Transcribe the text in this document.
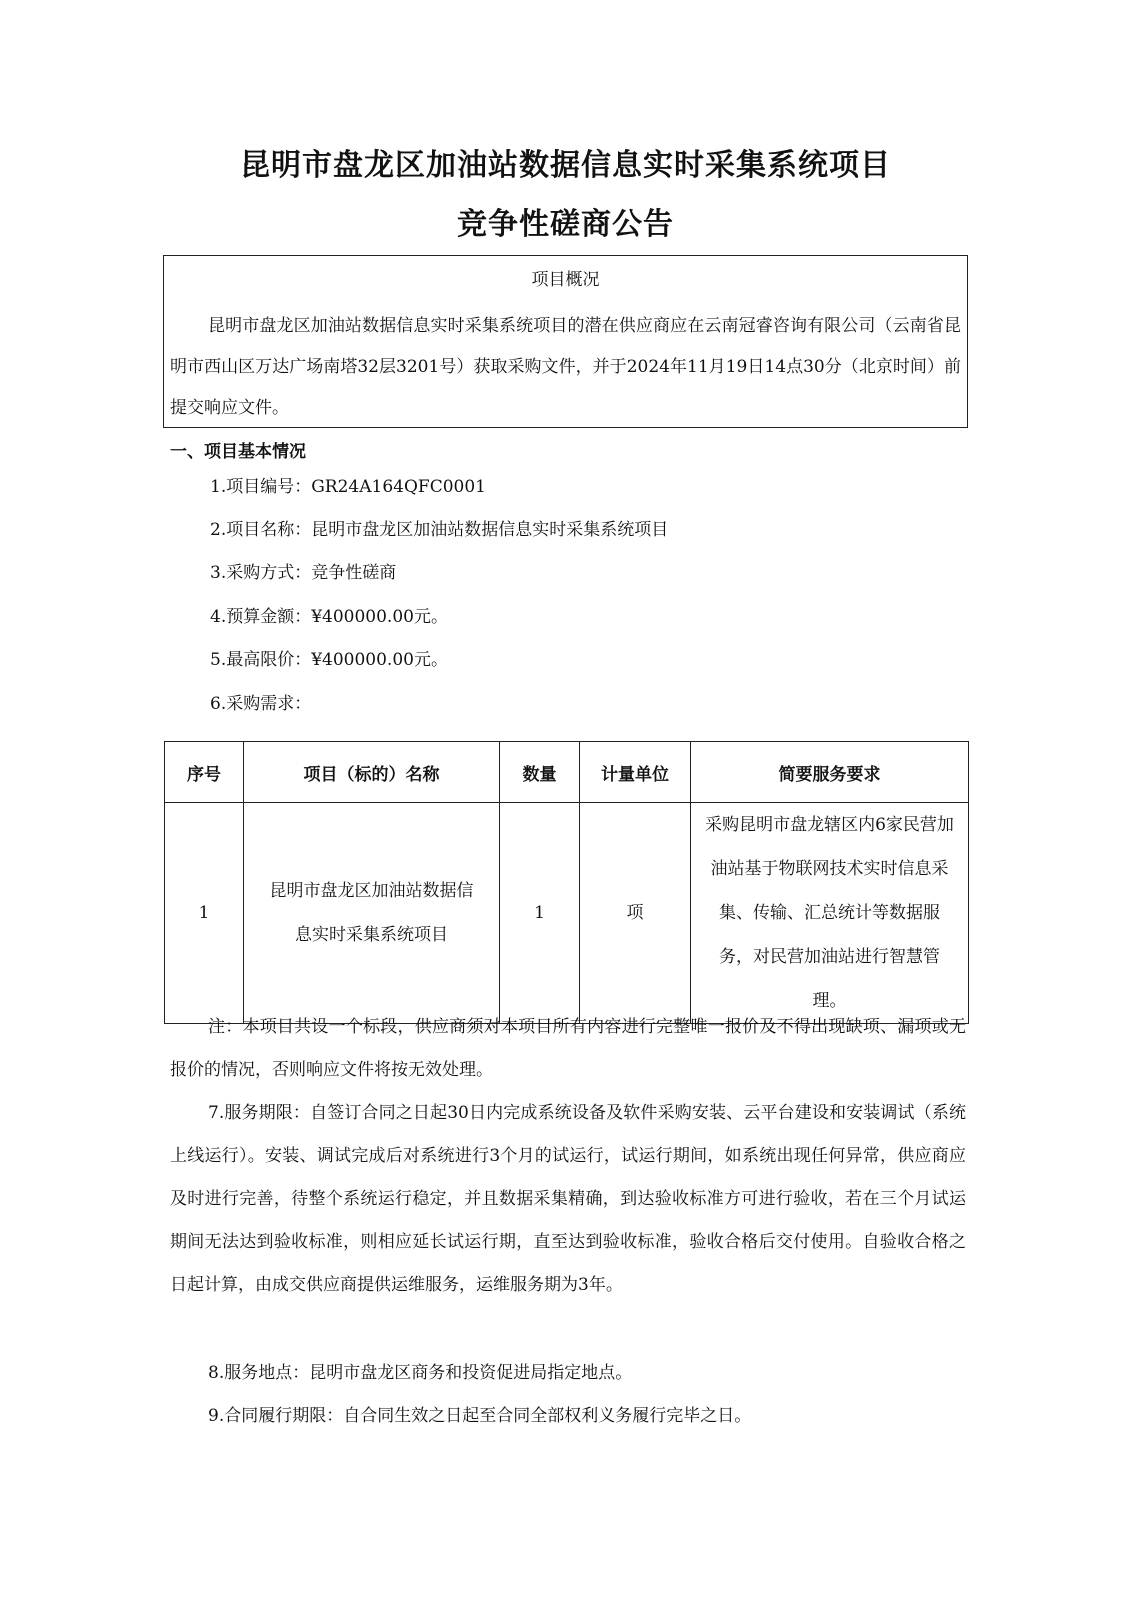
昆明市盘龙区加油站数据信息实时采集系统项目
竞争性磋商公告
项目概况

昆明市盘龙区加油站数据信息实时采集系统项目的潜在供应商应在云南冠睿咨询有限公司（云南省昆明市西山区万达广场南塔32层3201号）获取采购文件，并于2024年11月19日14点30分（北京时间）前提交响应文件。

一、项目基本情况
1.项目编号：GR24A164QFC0001
2.项目名称：昆明市盘龙区加油站数据信息实时采集系统项目
3.采购方式：竞争性磋商
4.预算金额：¥400000.00元。
5.最高限价：¥400000.00元。
6.采购需求：
序号	项目（标的）名称	数量	计量单位	简要服务要求
1	昆明市盘龙区加油站数据信息实时采集系统项目	1	项	采购昆明市盘龙辖区内6家民营加油站基于物联网技术实时信息采集、传输、汇总统计等数据服务，对民营加油站进行智慧管理。

注：本项目共设一个标段，供应商须对本项目所有内容进行完整唯一报价及不得出现缺项、漏项或无报价的情况，否则响应文件将按无效处理。

7.服务期限：自签订合同之日起30日内完成系统设备及软件采购安装、云平台建设和安装调试（系统上线运行）。安装、调试完成后对系统进行3个月的试运行，试运行期间，如系统出现任何异常，供应商应及时进行完善，待整个系统运行稳定，并且数据采集精确，到达验收标准方可进行验收，若在三个月试运期间无法达到验收标准，则相应延长试运行期，直至达到验收标准，验收合格后交付使用。自验收合格之日起计算，由成交供应商提供运维服务，运维服务期为3年。

8.服务地点：昆明市盘龙区商务和投资促进局指定地点。

9.合同履行期限：自合同生效之日起至合同全部权利义务履行完毕之日。
